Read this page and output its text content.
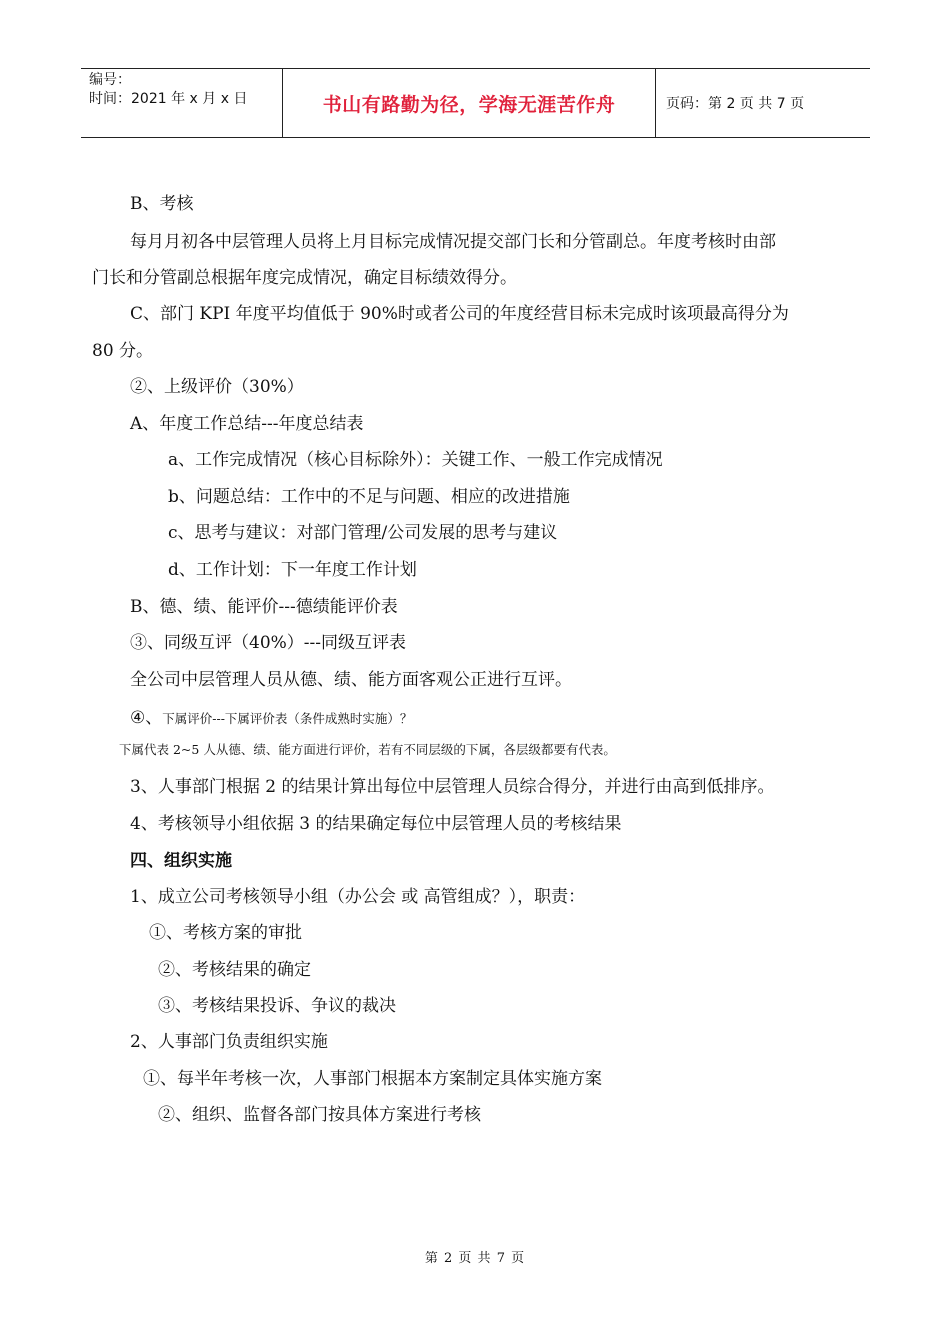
编号：
时间：2021 年 x 月 x 日	书山有路勤为径，学海无涯苦作舟	页码：第 2 页 共 7 页
B、考核
每月月初各中层管理人员将上月目标完成情况提交部门长和分管副总。年度考核时由部
门长和分管副总根据年度完成情况，确定目标绩效得分。
C、部门 KPI 年度平均值低于 90%时或者公司的年度经营目标未完成时该项最高得分为
80 分。
②、上级评价（30%）
A、年度工作总结---年度总结表
a、工作完成情况（核心目标除外）：关键工作、一般工作完成情况
b、问题总结：工作中的不足与问题、相应的改进措施
c、思考与建议：对部门管理/公司发展的思考与建议
d、工作计划：下一年度工作计划
B、德、绩、能评价---德绩能评价表
③、同级互评（40%）---同级互评表
全公司中层管理人员从德、绩、能方面客观公正进行互评。
④、下属评价---下属评价表（条件成熟时实施）？
下属代表 2~5 人从德、绩、能方面进行评价，若有不同层级的下属，各层级都要有代表。
3、人事部门根据 2 的结果计算出每位中层管理人员综合得分，并进行由高到低排序。
4、考核领导小组依据 3 的结果确定每位中层管理人员的考核结果
四、组织实施
1、成立公司考核领导小组（办公会 或 高管组成？），职责：
①、考核方案的审批
②、考核结果的确定
③、考核结果投诉、争议的裁决
2、人事部门负责组织实施
①、每半年考核一次，人事部门根据本方案制定具体实施方案
②、组织、监督各部门按具体方案进行考核
第 2 页 共 7 页
